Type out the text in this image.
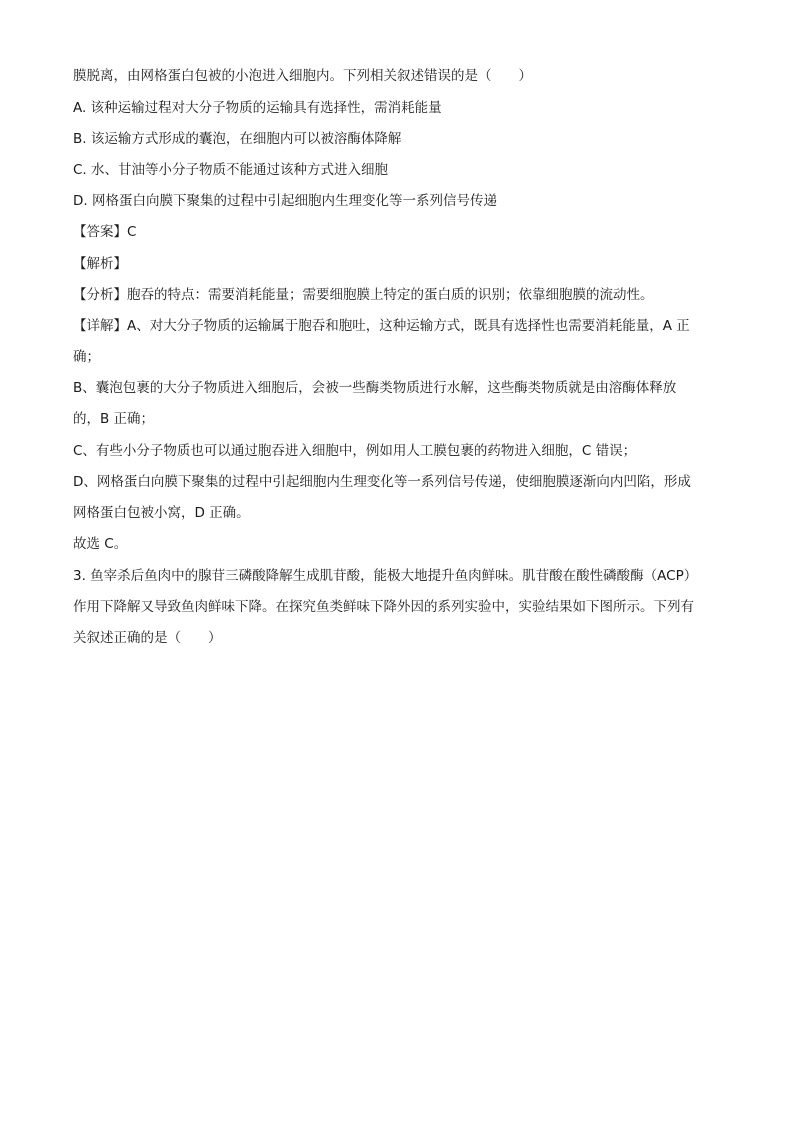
膜脱离，由网格蛋白包被的小泡进入细胞内。下列相关叙述错误的是（　　）
A. 该种运输过程对大分子物质的运输具有选择性，需消耗能量
B. 该运输方式形成的囊泡，在细胞内可以被溶酶体降解
C. 水、甘油等小分子物质不能通过该种方式进入细胞
D. 网格蛋白向膜下聚集的过程中引起细胞内生理变化等一系列信号传递
【答案】C
【解析】
【分析】胞吞的特点：需要消耗能量；需要细胞膜上特定的蛋白质的识别；依靠细胞膜的流动性。
【详解】A、对大分子物质的运输属于胞吞和胞吐，这种运输方式，既具有选择性也需要消耗能量，A 正
确；
B、囊泡包裹的大分子物质进入细胞后，会被一些酶类物质进行水解，这些酶类物质就是由溶酶体释放
的，B 正确；
C、有些小分子物质也可以通过胞吞进入细胞中，例如用人工膜包裹的药物进入细胞，C 错误；
D、网格蛋白向膜下聚集的过程中引起细胞内生理变化等一系列信号传递，使细胞膜逐渐向内凹陷，形成
网格蛋白包被小窝，D 正确。
故选 C。
3. 鱼宰杀后鱼肉中的腺苷三磷酸降解生成肌苷酸，能极大地提升鱼肉鲜味。肌苷酸在酸性磷酸酶（ACP）
作用下降解又导致鱼肉鲜味下降。在探究鱼类鲜味下降外因的系列实验中，实验结果如下图所示。下列有
关叙述正确的是（　　）
